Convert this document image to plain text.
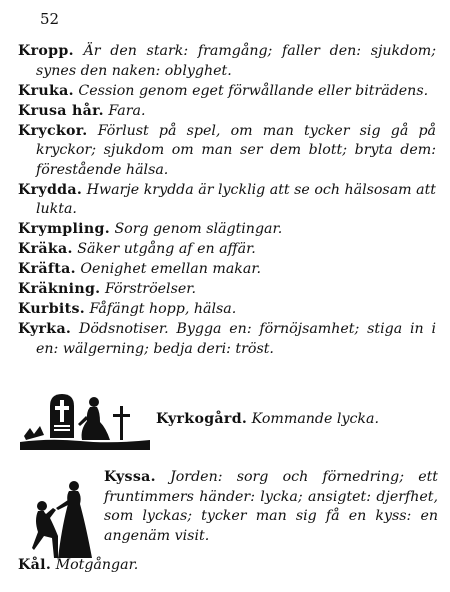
52

Kropp. Är den stark: framgång; faller den: sjukdom; synes den naken: oblyghet.

Krukа. Cession genom eget förwållande eller biträdens.

Krusa hår. Fara.

Kryckor. Förlust på spel, om man tycker sig gå på kryckor; sjukdom om man ser dem blott; bryta dem: förestående hälsa.

Krydda. Hwarje krydda är lycklig att se och hälsosam att lukta.

Krympling. Sorg genom slägtingar.

Kräka. Säker utgång af en affär.

Kräfta. Oenighet emellan makar.

Kräkning. Förströelser.

Kurbits. Fåfängt hopp, hälsa.

Kyrka. Dödsnotiser. Bygga en: förnöjsamhet; stiga in i en: wälgerning; bedja deri: tröst.

Kyrkogård. Kommande lycka.
Kyssa. Jorden: sorg och förnedring; ett fruntimmers händer: lycka; ansigtet: djerfhet, som lyckas; tycker man sig få en kyss: en angenäm visit.
Kål. Motgångar.
